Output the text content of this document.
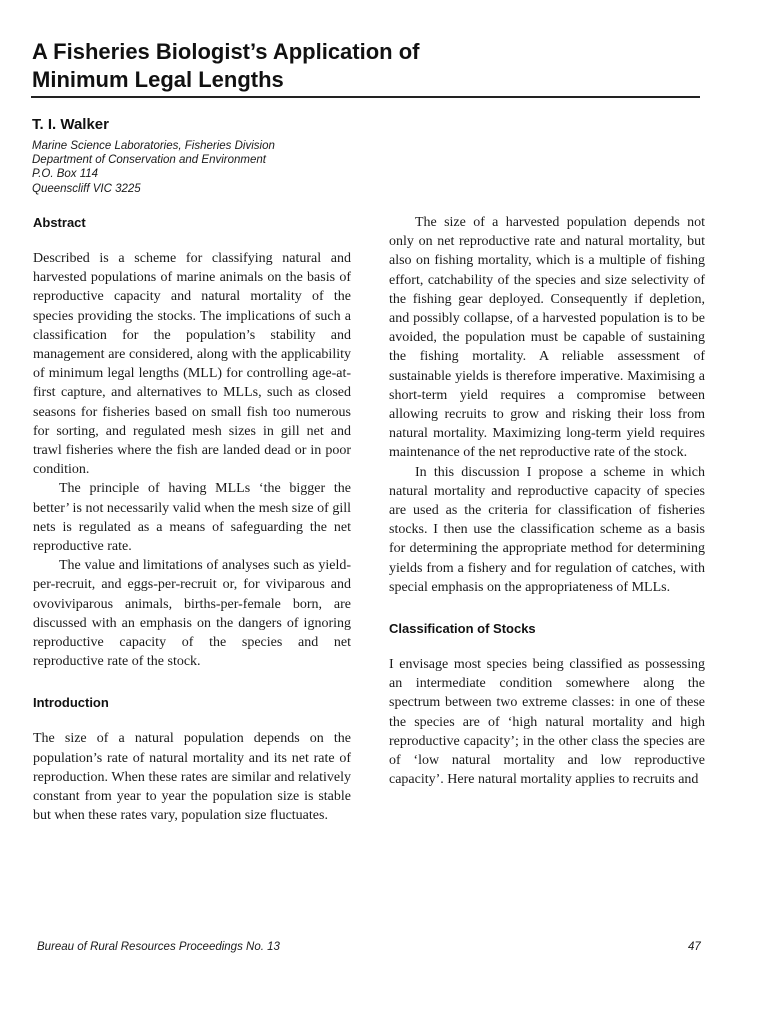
A Fisheries Biologist’s Application of
Minimum Legal Lengths

T. I. Walker

Marine Science Laboratories, Fisheries Division
Department of Conservation and Environment
P.O. Box 114
Queenscliff VIC 3225
Abstract

Described is a scheme for classifying natural and harvested populations of marine animals on the basis of reproductive capacity and natural mortality of the species providing the stocks. The implications of such a classification for the population’s stability and management are considered, along with the applicability of minimum legal lengths (MLL) for controlling age-at-first capture, and alternatives to MLLs, such as closed seasons for fisheries based on small fish too numerous for sorting, and regulated mesh sizes in gill net and trawl fisheries where the fish are landed dead or in poor condition.

The principle of having MLLs ‘the bigger the better’ is not necessarily valid when the mesh size of gill nets is regulated as a means of safeguarding the net reproductive rate.

The value and limitations of analyses such as yield-per-recruit, and eggs-per-recruit or, for viviparous and ovoviviparous animals, births-per-female born, are discussed with an emphasis on the dangers of ignoring reproductive capacity of the species and net reproductive rate of the stock.

Introduction

The size of a natural population depends on the population’s rate of natural mortality and its net rate of reproduction. When these rates are similar and relatively constant from year to year the population size is stable but when these rates vary, population size fluctuates.

The size of a harvested population depends not only on net reproductive rate and natural mortality, but also on fishing mortality, which is a multiple of fishing effort, catchability of the species and size selectivity of the fishing gear deployed. Consequently if depletion, and possibly collapse, of a harvested population is to be avoided, the population must be capable of sustaining the fishing mortality. A reliable assessment of sustainable yields is therefore imperative. Maximising a short-term yield requires a compromise between allowing recruits to grow and risking their loss from natural mortality. Maximizing long-term yield requires maintenance of the net reproductive rate of the stock.

In this discussion I propose a scheme in which natural mortality and reproductive capacity of species are used as the criteria for classification of fisheries stocks. I then use the classification scheme as a basis for determining the appropriate method for determining yields from a fishery and for regulation of catches, with special emphasis on the appropriateness of MLLs.

Classification of Stocks

I envisage most species being classified as possessing an intermediate condition somewhere along the spectrum between two extreme classes: in one of these the species are of ‘high natural mortality and high reproductive capacity’; in the other class the species are of ‘low natural mortality and low reproductive capacity’. Here natural mortality applies to recruits and

Bureau of Rural Resources Proceedings No. 13	47
